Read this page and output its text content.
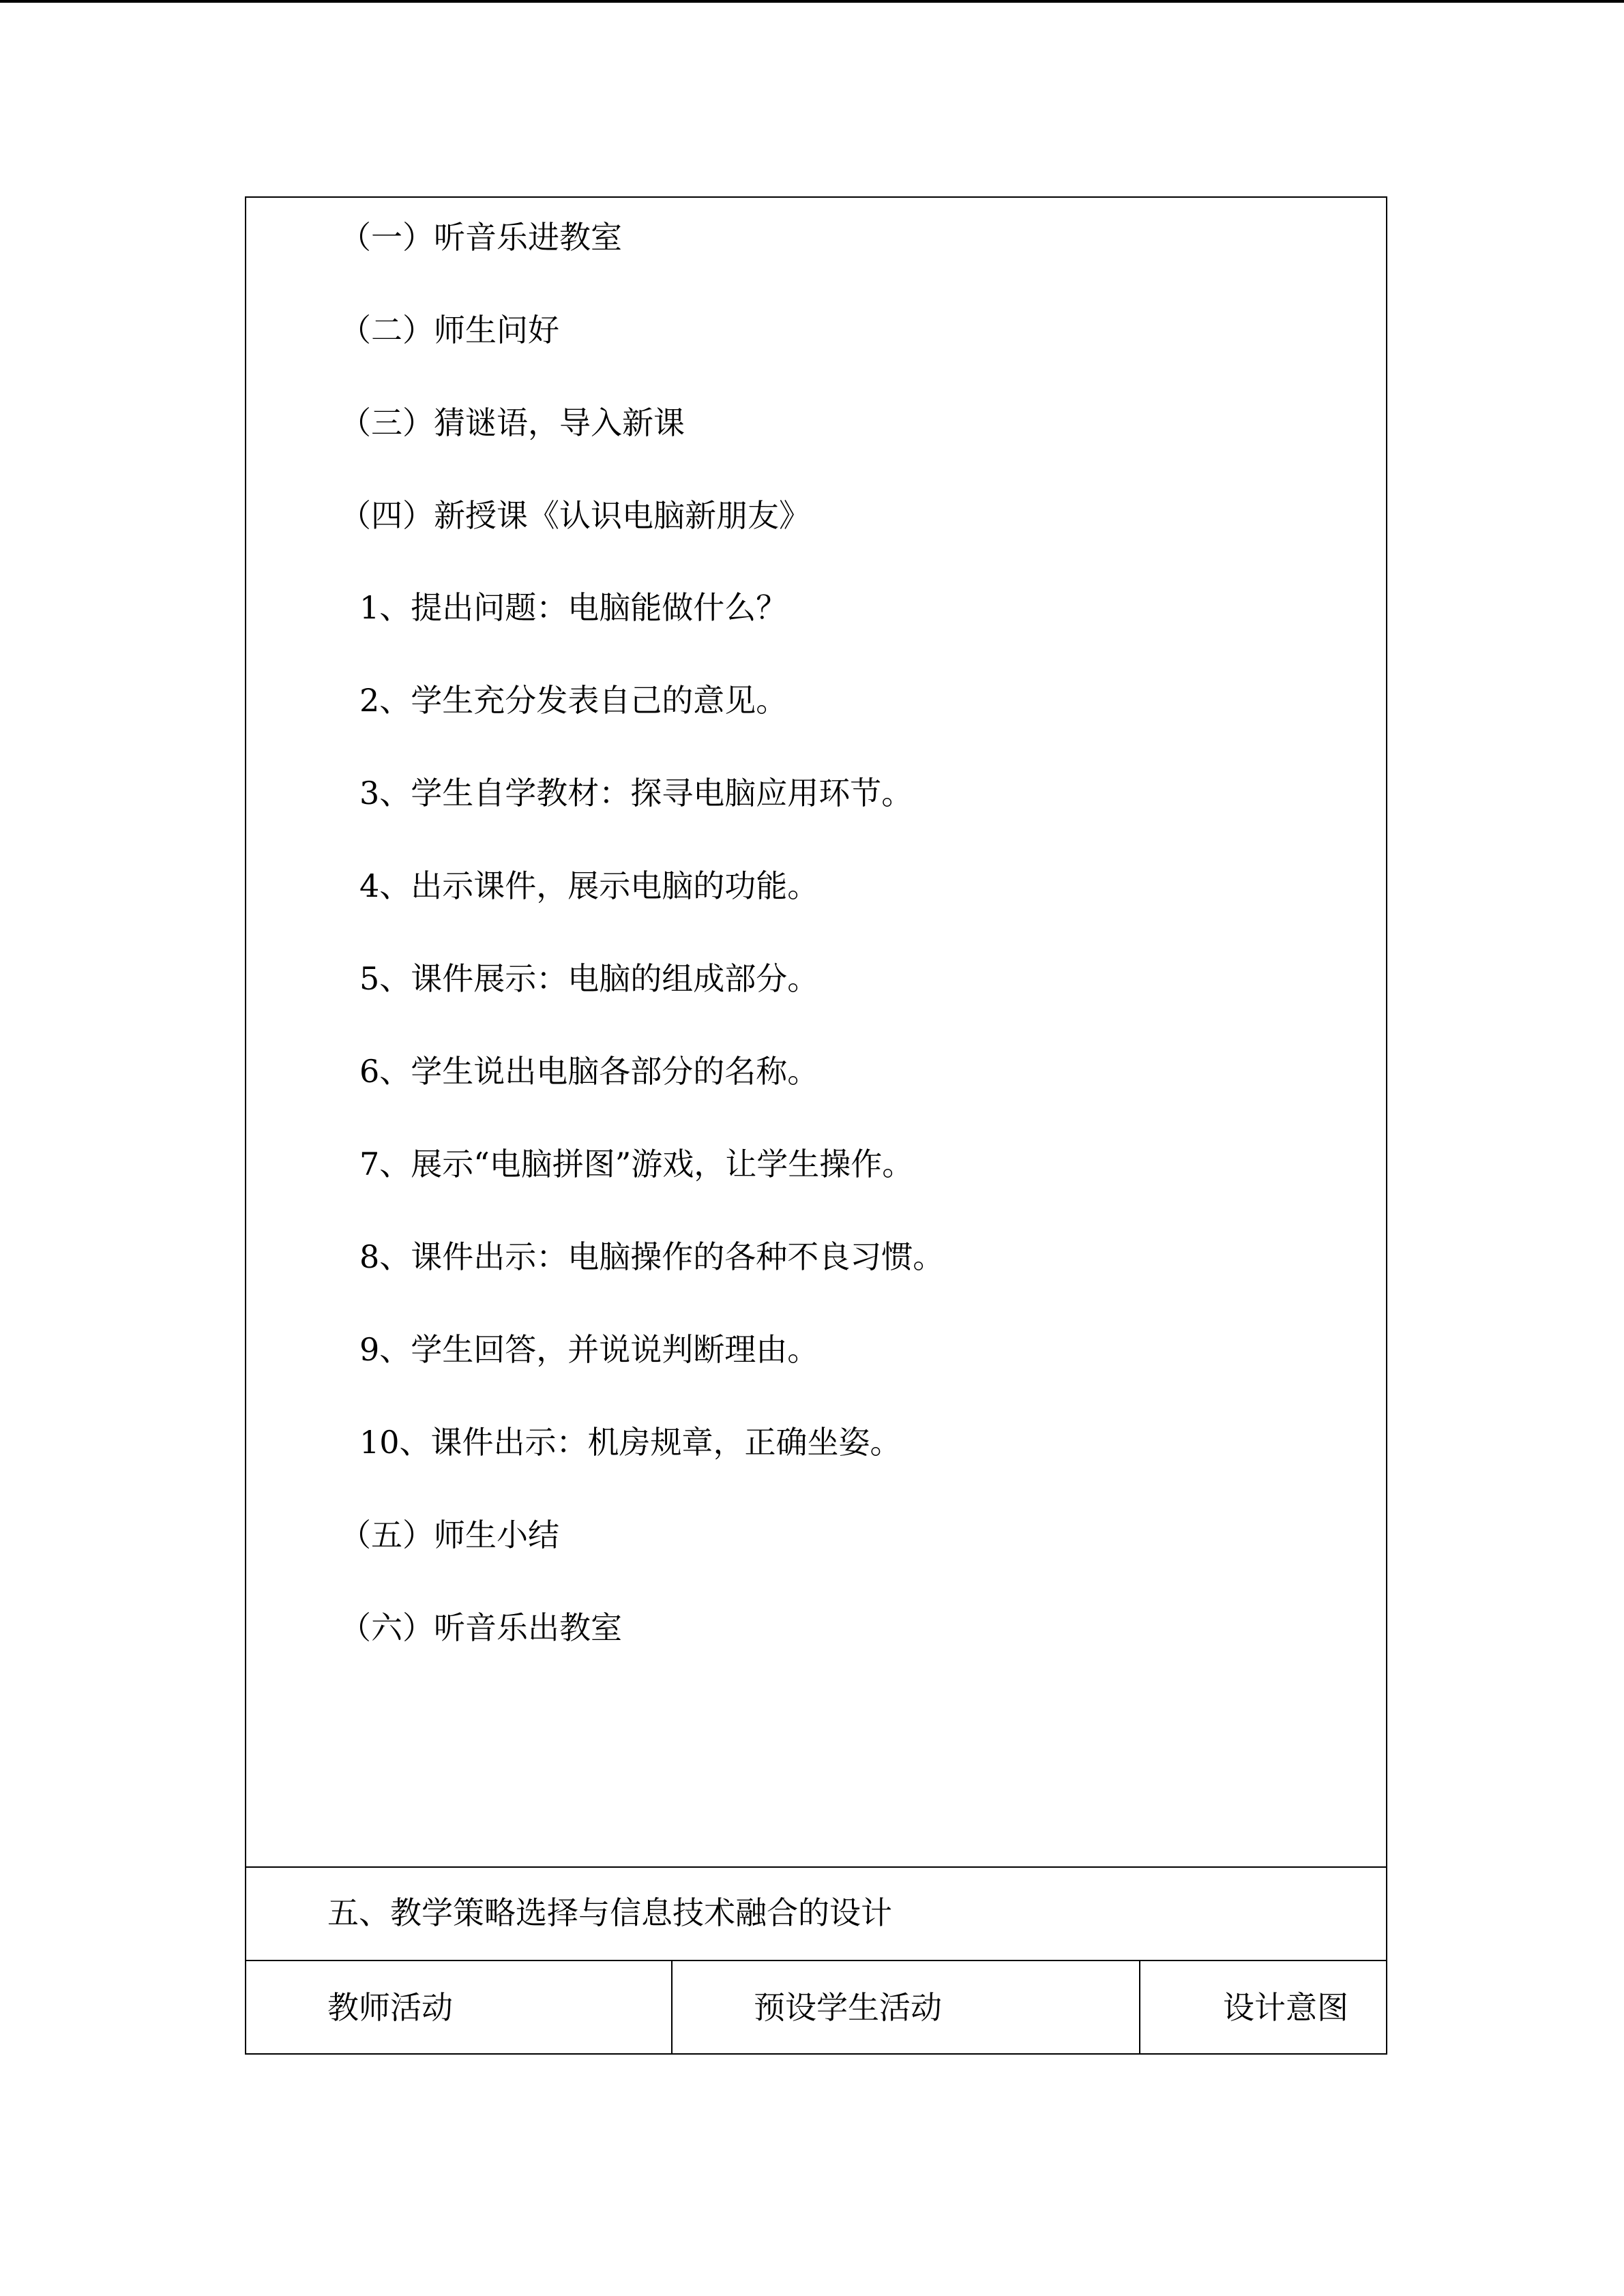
（一）听音乐进教室
（二）师生问好
（三）猜谜语，导入新课
（四）新授课《认识电脑新朋友》
1、提出问题：电脑能做什么？
2、学生充分发表自己的意见。
3、学生自学教材：探寻电脑应用环节。
4、出示课件，展示电脑的功能。
5、课件展示：电脑的组成部分。
6、学生说出电脑各部分的名称。
7、展示“电脑拼图”游戏，让学生操作。
8、课件出示：电脑操作的各种不良习惯。
9、学生回答，并说说判断理由。
10、课件出示：机房规章，正确坐姿。
（五）师生小结
（六）听音乐出教室
五、教学策略选择与信息技术融合的设计
教师活动	预设学生活动	设计意图
